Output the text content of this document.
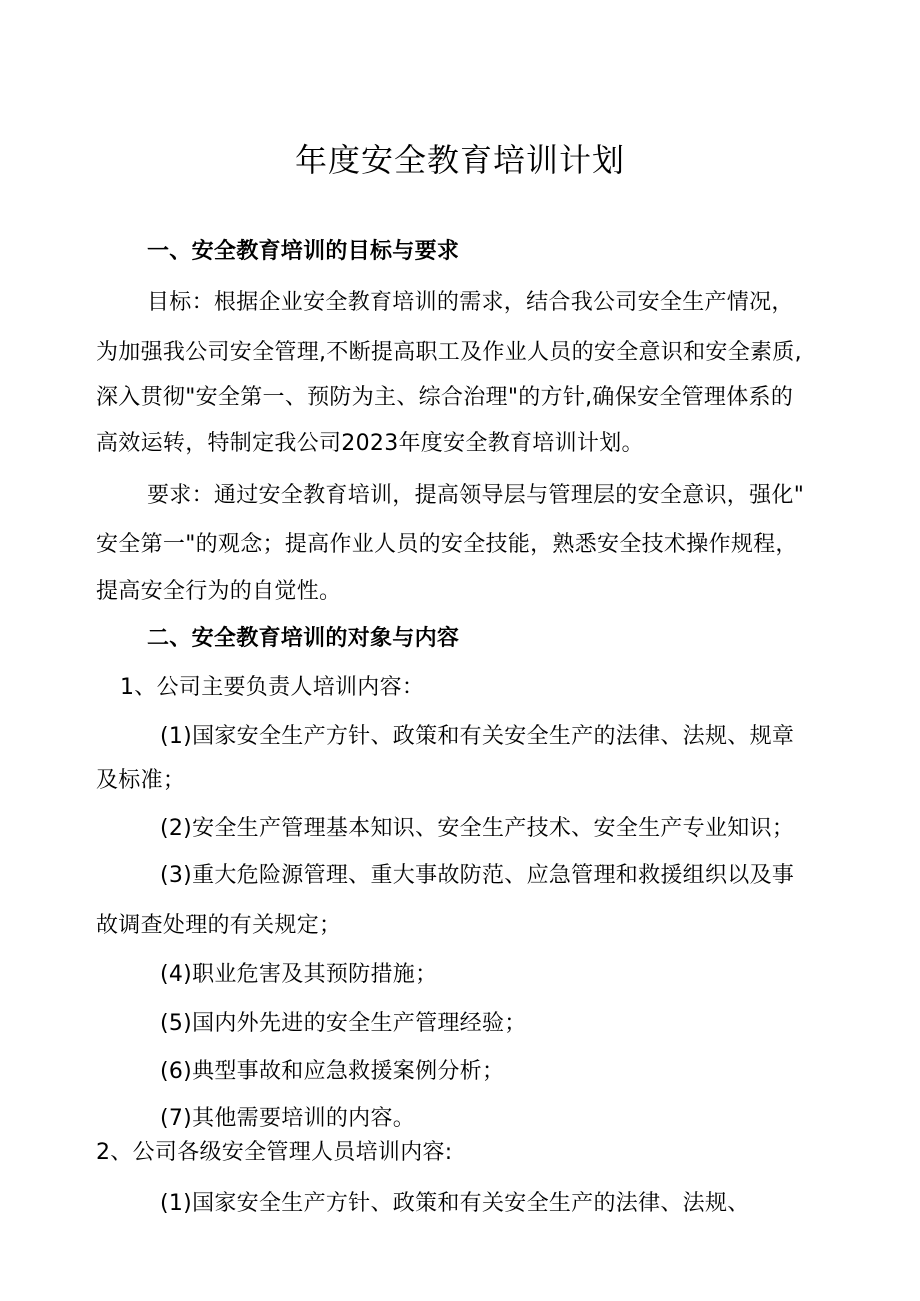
年度安全教育培训计划
一、安全教育培训的目标与要求
目标：根据企业安全教育培训的需求，结合我公司安全生产情况，
为加强我公司安全管理,不断提高职工及作业人员的安全意识和安全素质,
深入贯彻"安全第一、预防为主、综合治理"的方针,确保安全管理体系的
高效运转，特制定我公司2023年度安全教育培训计划。
要求：通过安全教育培训，提高领导层与管理层的安全意识，强化"
安全第一"的观念；提高作业人员的安全技能，熟悉安全技术操作规程，
提高安全行为的自觉性。
二、安全教育培训的对象与内容
1、公司主要负责人培训内容：
(1)国家安全生产方针、政策和有关安全生产的法律、法规、规章
及标准；
(2)安全生产管理基本知识、安全生产技术、安全生产专业知识；
(3)重大危险源管理、重大事故防范、应急管理和救援组织以及事
故调查处理的有关规定；
(4)职业危害及其预防措施；
(5)国内外先进的安全生产管理经验；
(6)典型事故和应急救援案例分析；
(7)其他需要培训的内容。
2、公司各级安全管理人员培训内容:
(1)国家安全生产方针、政策和有关安全生产的法律、法规、
